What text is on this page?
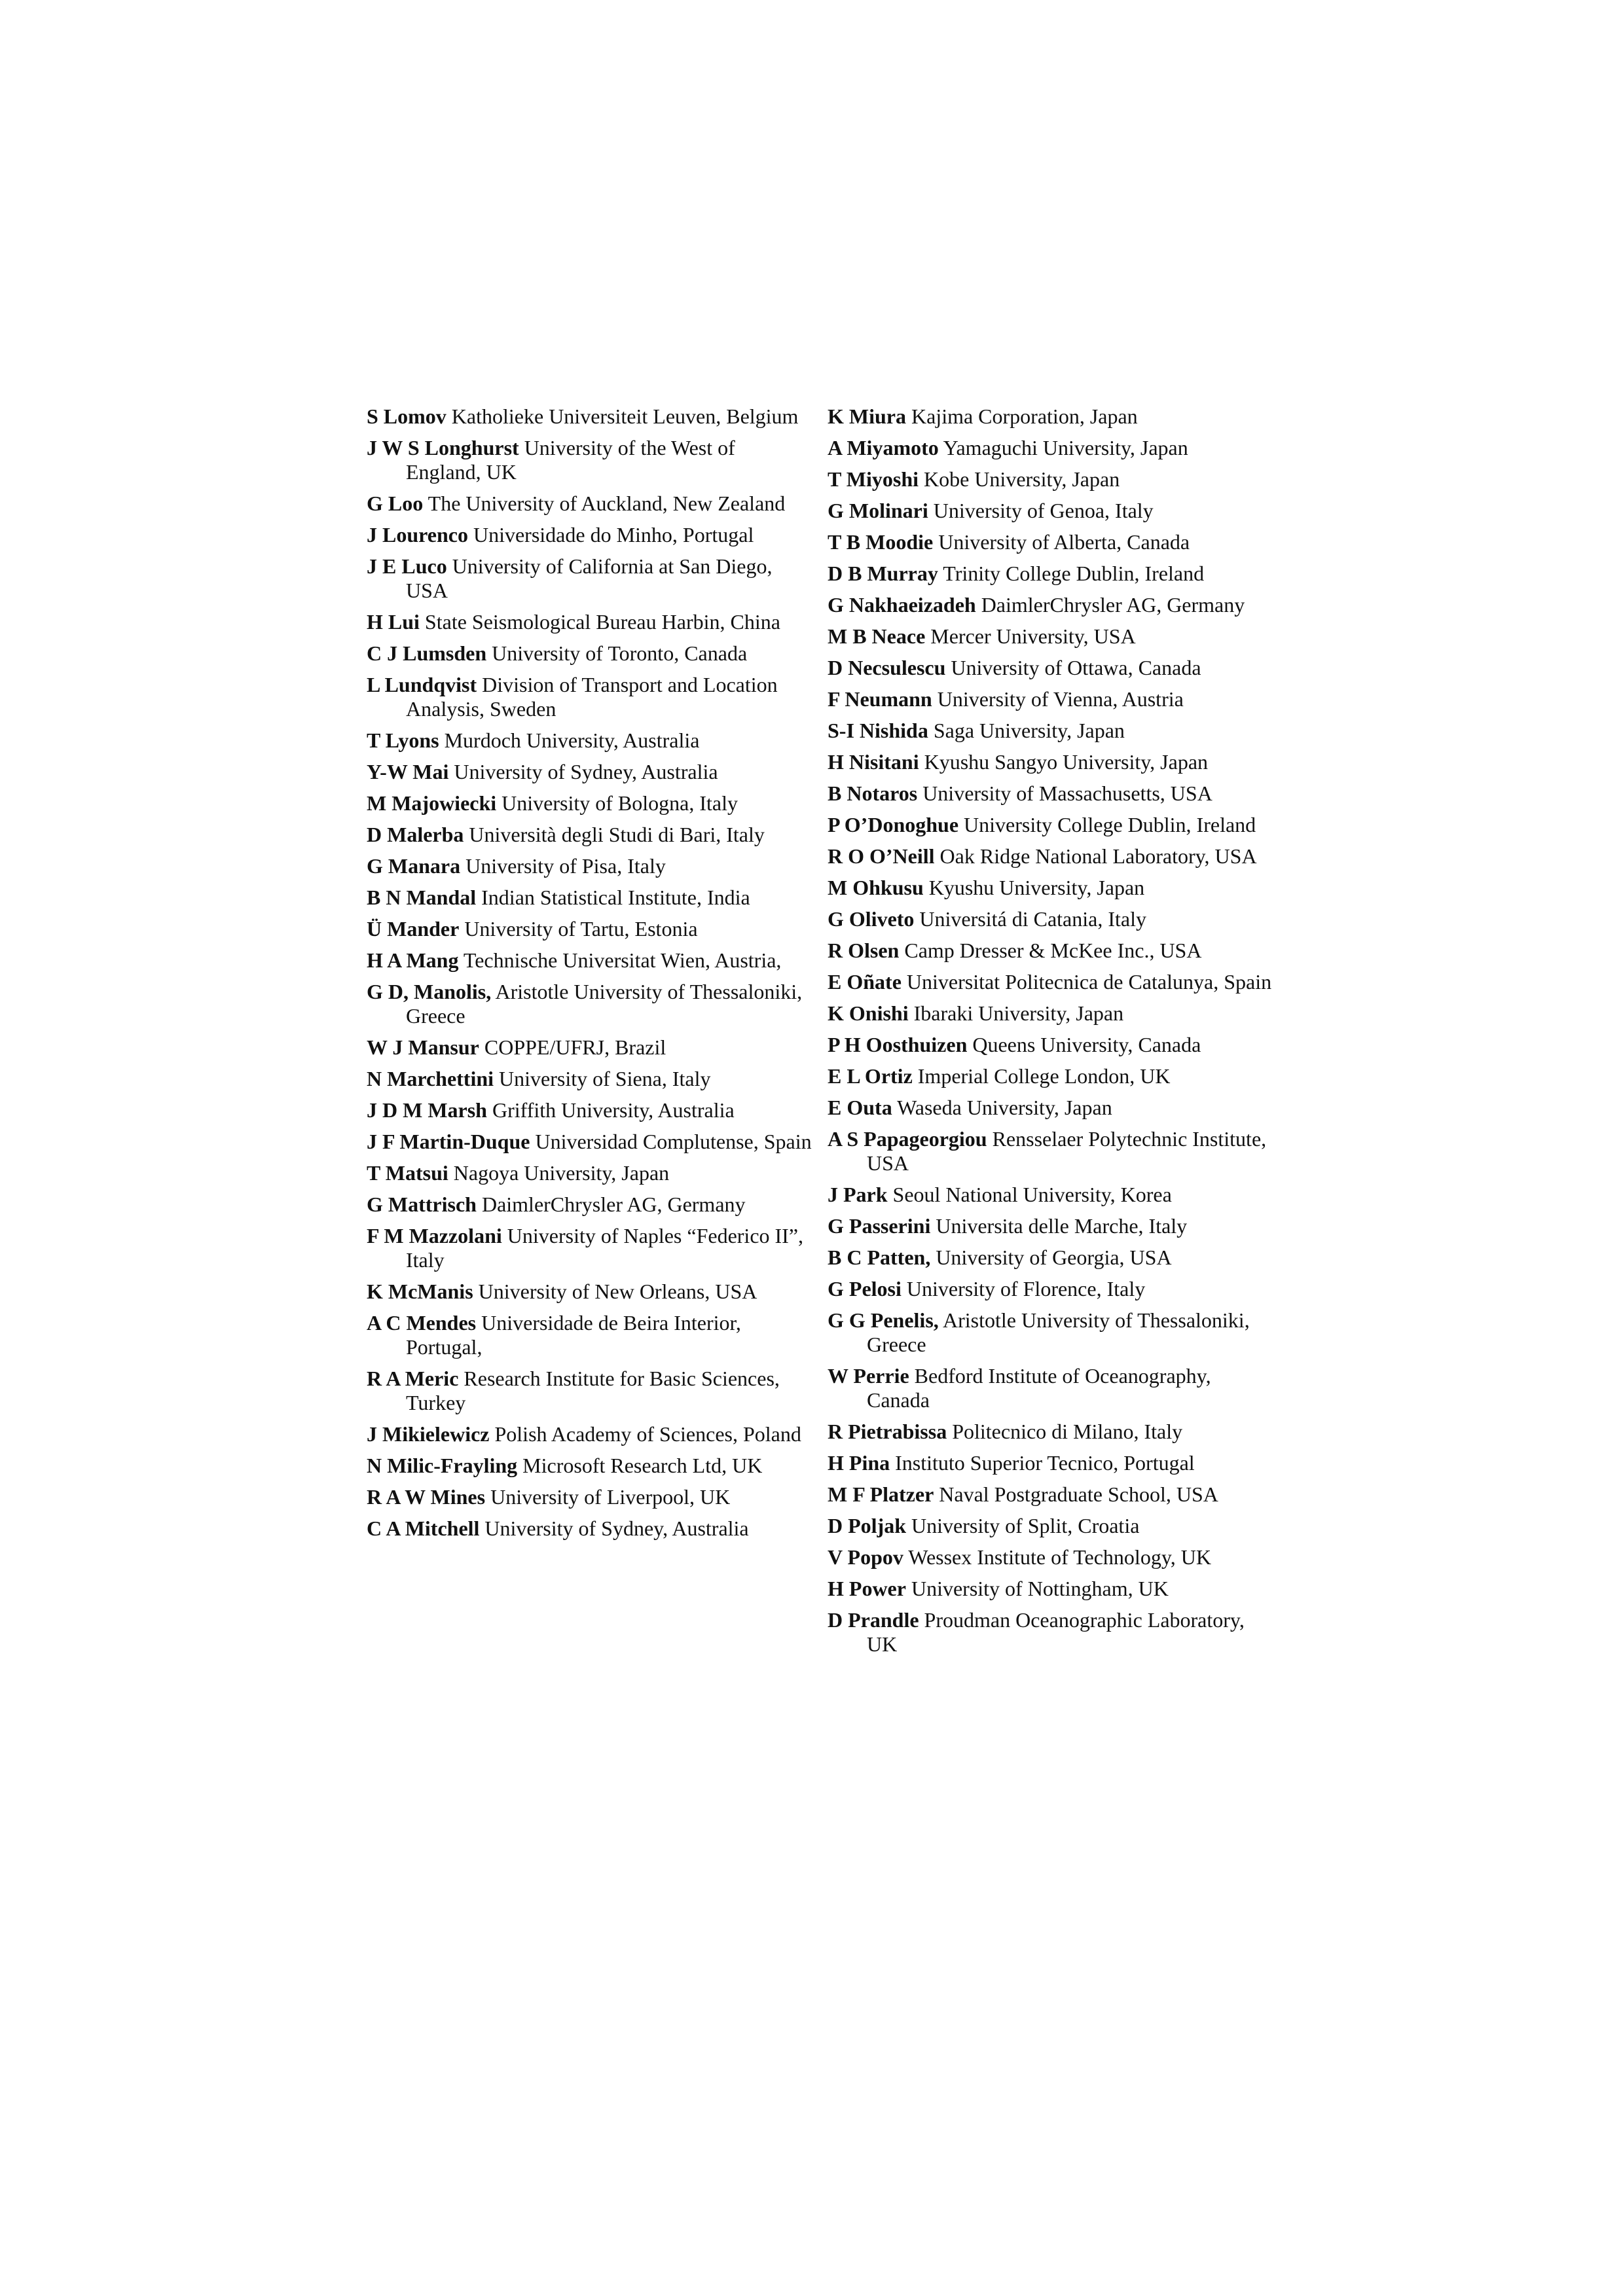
S Lomov Katholieke Universiteit Leuven, Belgium

J W S Longhurst University of the West of England, UK

G Loo The University of Auckland, New Zealand

J Lourenco Universidade do Minho, Portugal

J E Luco University of California at San Diego, USA

H Lui State Seismological Bureau Harbin, China

C J Lumsden University of Toronto, Canada

L Lundqvist Division of Transport and Location Analysis, Sweden

T Lyons Murdoch University, Australia

Y-W Mai University of Sydney, Australia

M Majowiecki University of Bologna, Italy

D Malerba Università degli Studi di Bari, Italy

G Manara University of Pisa, Italy

B N Mandal Indian Statistical Institute, India

Ü Mander University of Tartu, Estonia

H A Mang Technische Universitat Wien, Austria,

G D, Manolis, Aristotle University of Thessaloniki, Greece

W J Mansur COPPE/UFRJ, Brazil

N Marchettini University of Siena, Italy

J D M Marsh Griffith University, Australia

J F Martin-Duque Universidad Complutense, Spain

T Matsui Nagoya University, Japan

G Mattrisch DaimlerChrysler AG, Germany

F M Mazzolani University of Naples “Federico II”, Italy

K McManis University of New Orleans, USA

A C Mendes Universidade de Beira Interior, Portugal,

R A Meric Research Institute for Basic Sciences, Turkey

J Mikielewicz Polish Academy of Sciences, Poland

N Milic-Frayling Microsoft Research Ltd, UK

R A W Mines University of Liverpool, UK

C A Mitchell University of Sydney, Australia

K Miura Kajima Corporation, Japan

A Miyamoto Yamaguchi University, Japan

T Miyoshi Kobe University, Japan

G Molinari University of Genoa, Italy

T B Moodie University of Alberta, Canada

D B Murray Trinity College Dublin, Ireland

G Nakhaeizadeh DaimlerChrysler AG, Germany

M B Neace Mercer University, USA

D Necsulescu University of Ottawa, Canada

F Neumann University of Vienna, Austria

S-I Nishida Saga University, Japan

H Nisitani Kyushu Sangyo University, Japan

B Notaros University of Massachusetts, USA

P O’Donoghue University College Dublin, Ireland

R O O’Neill Oak Ridge National Laboratory, USA

M Ohkusu Kyushu University, Japan

G Oliveto Universitá di Catania, Italy

R Olsen Camp Dresser & McKee Inc., USA

E Oñate Universitat Politecnica de Catalunya, Spain

K Onishi Ibaraki University, Japan

P H Oosthuizen Queens University, Canada

E L Ortiz Imperial College London, UK

E Outa Waseda University, Japan

A S Papageorgiou Rensselaer Polytechnic Institute, USA

J Park Seoul National University, Korea

G Passerini Universita delle Marche, Italy

B C Patten, University of Georgia, USA

G Pelosi University of Florence, Italy

G G Penelis, Aristotle University of Thessaloniki, Greece

W Perrie Bedford Institute of Oceanography, Canada

R Pietrabissa Politecnico di Milano, Italy

H Pina Instituto Superior Tecnico, Portugal

M F Platzer Naval Postgraduate School, USA

D Poljak University of Split, Croatia

V Popov Wessex Institute of Technology, UK

H Power University of Nottingham, UK

D Prandle Proudman Oceanographic Laboratory, UK
